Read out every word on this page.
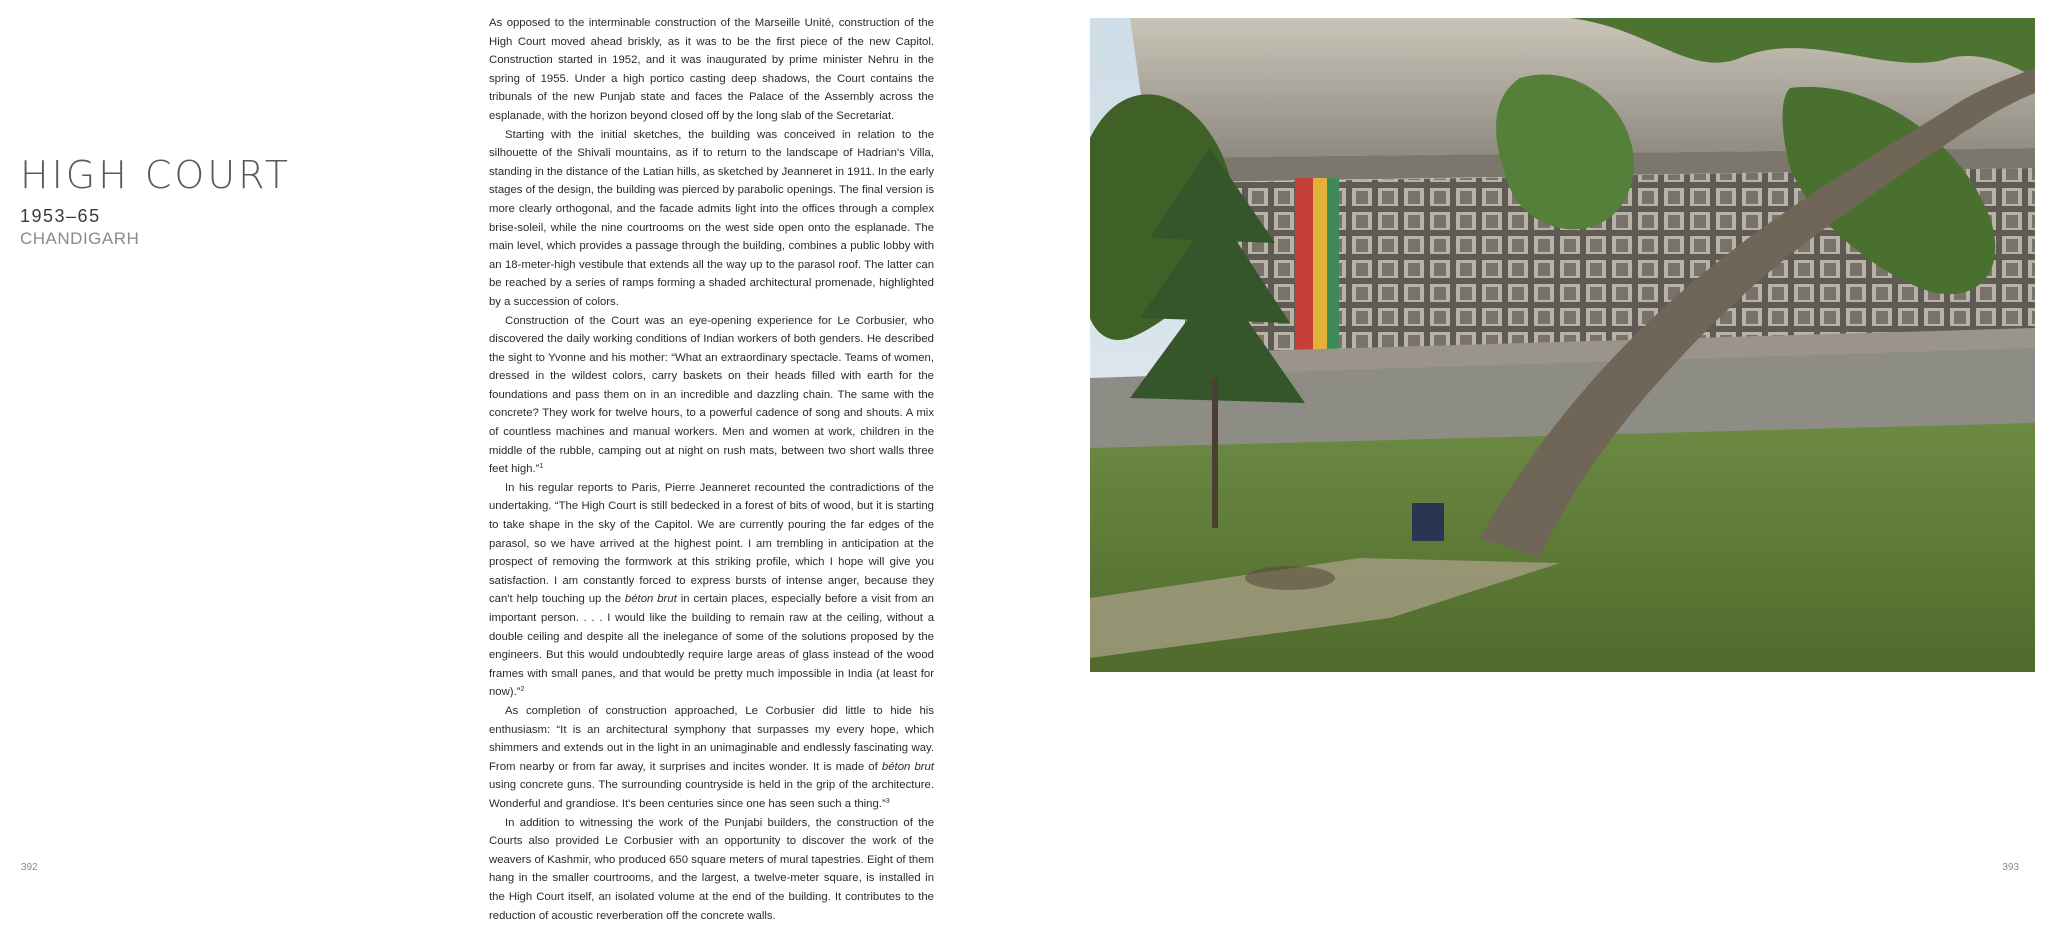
HIGH COURT
1953–65
CHANDIGARH

As opposed to the interminable construction of the Marseille Unité, construction of the High Court moved ahead briskly, as it was to be the first piece of the new Capitol. Construction started in 1952, and it was inaugurated by prime minister Nehru in the spring of 1955. Under a high portico casting deep shadows, the Court contains the tribunals of the new Punjab state and faces the Palace of the Assembly across the esplanade, with the horizon beyond closed off by the long slab of the Secretariat.

Starting with the initial sketches, the building was conceived in relation to the silhouette of the Shivali mountains, as if to return to the landscape of Hadrian's Villa, standing in the distance of the Latian hills, as sketched by Jeanneret in 1911. In the early stages of the design, the building was pierced by parabolic openings. The final version is more clearly orthogonal, and the facade admits light into the offices through a complex brise-soleil, while the nine courtrooms on the west side open onto the esplanade. The main level, which provides a passage through the building, combines a public lobby with an 18-meter-high vestibule that extends all the way up to the parasol roof. The latter can be reached by a series of ramps forming a shaded architectural promenade, highlighted by a succession of colors.

Construction of the Court was an eye-opening experience for Le Corbusier, who discovered the daily working conditions of Indian workers of both genders. He described the sight to Yvonne and his mother: “What an extraordinary spectacle. Teams of women, dressed in the wildest colors, carry baskets on their heads filled with earth for the foundations and pass them on in an incredible and dazzling chain. The same with the concrete? They work for twelve hours, to a powerful cadence of song and shouts. A mix of countless machines and manual workers. Men and women at work, children in the middle of the rubble, camping out at night on rush mats, between two short walls three feet high.”$^1$

In his regular reports to Paris, Pierre Jeanneret recounted the contradictions of the undertaking. “The High Court is still bedecked in a forest of bits of wood, but it is starting to take shape in the sky of the Capitol. We are currently pouring the far edges of the parasol, so we have arrived at the highest point. I am trembling in anticipation at the prospect of removing the formwork at this striking profile, which I hope will give you satisfaction. I am constantly forced to express bursts of intense anger, because they can't help touching up the béton brut in certain places, especially before a visit from an important person. . . . I would like the building to remain raw at the ceiling, without a double ceiling and despite all the inelegance of some of the solutions proposed by the engineers. But this would undoubtedly require large areas of glass instead of the wood frames with small panes, and that would be pretty much impossible in India (at least for now).”$^2$

As completion of construction approached, Le Corbusier did little to hide his enthusiasm: “It is an architectural symphony that surpasses my every hope, which shimmers and extends out in the light in an unimaginable and endlessly fascinating way. From nearby or from far away, it surprises and incites wonder. It is made of béton brut using concrete guns. The surrounding countryside is held in the grip of the architecture. Wonderful and grandiose. It's been centuries since one has seen such a thing.”$^3$

In addition to witnessing the work of the Punjabi builders, the construction of the Courts also provided Le Corbusier with an opportunity to discover the work of the weavers of Kashmir, who produced 650 square meters of mural tapestries. Eight of them hang in the smaller courtrooms, and the largest, a twelve-meter square, is installed in the High Court itself, an isolated volume at the end of the building. It contributes to the reduction of acoustic reverberation off the concrete walls.

392	393
